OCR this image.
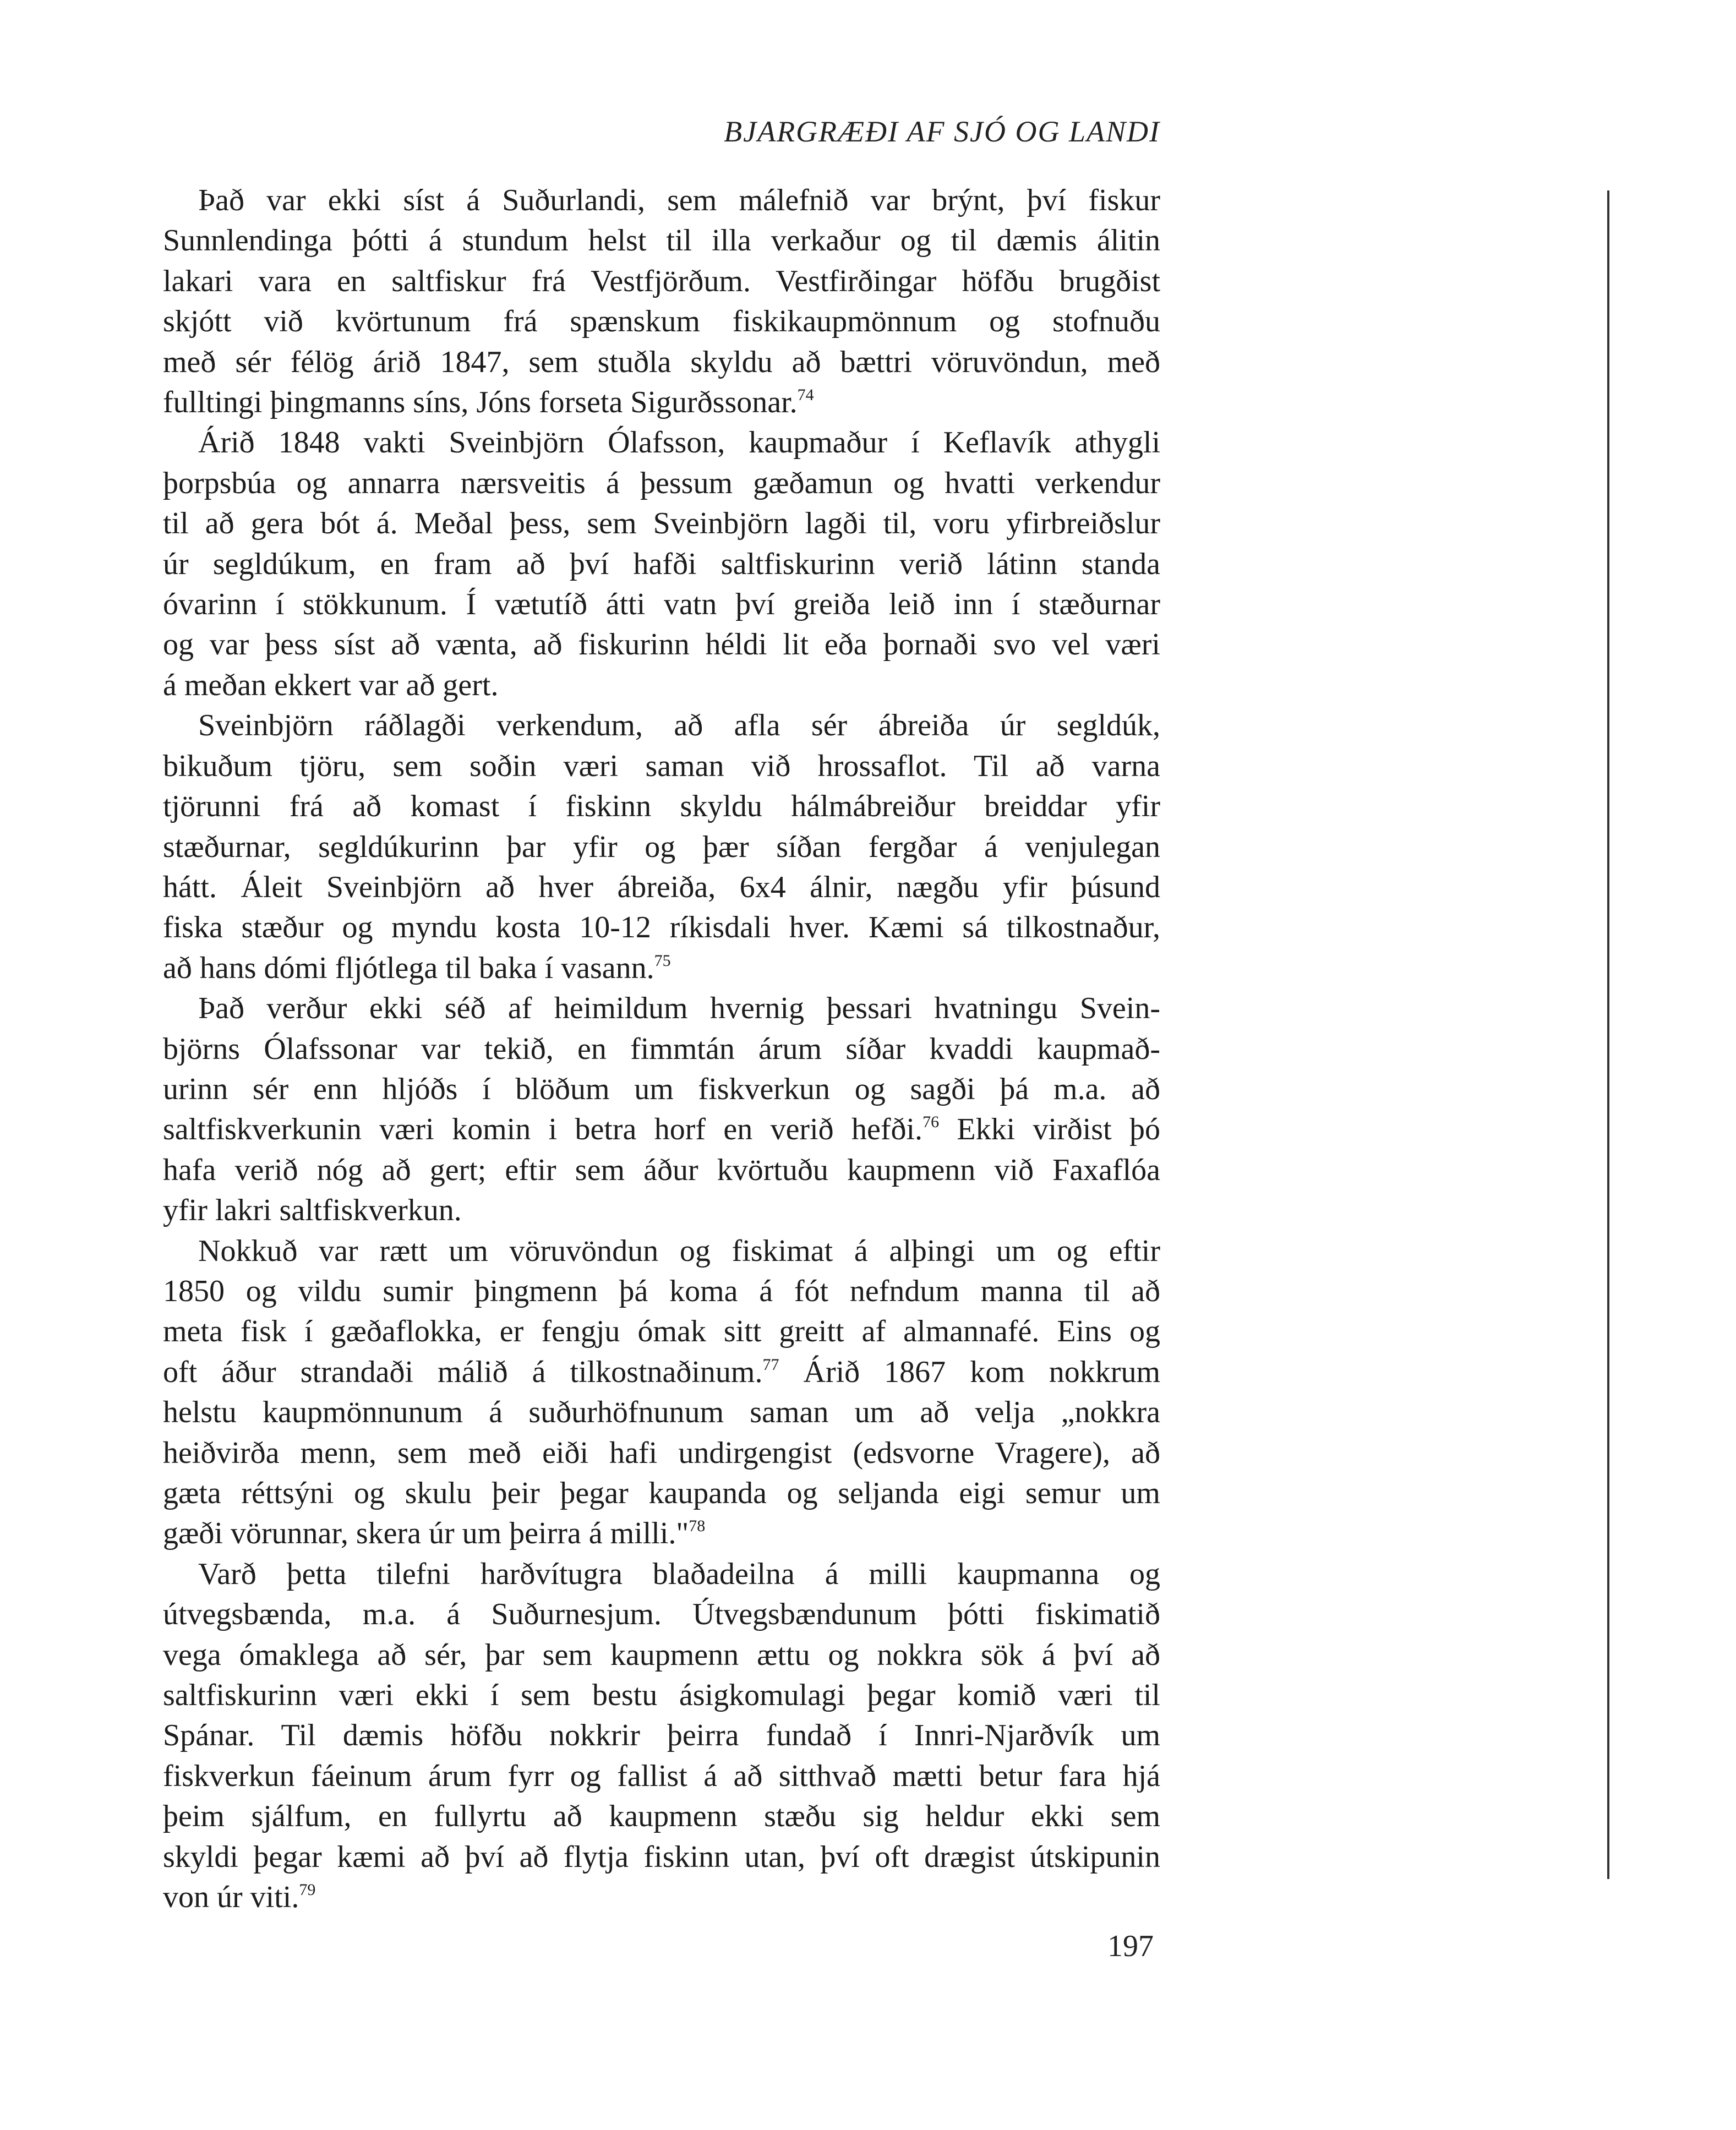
BJARGRÆÐI AF SJÓ OG LANDI

Það var ekki síst á Suðurlandi, sem málefnið var brýnt, því fiskur
Sunnlendinga þótti á stundum helst til illa verkaður og til dæmis álitin
lakari vara en saltfiskur frá Vestfjörðum. Vestfirðingar höfðu brugðist
skjótt við kvörtunum frá spænskum fiskikaupmönnum og stofnuðu
með sér félög árið 1847, sem stuðla skyldu að bættri vöruvöndun, með
fulltingi þingmanns síns, Jóns forseta Sigurðssonar.$^{74}$

Árið 1848 vakti Sveinbjörn Ólafsson, kaupmaður í Keflavík athygli
þorpsbúa og annarra nærsveitis á þessum gæðamun og hvatti verkendur
til að gera bót á. Meðal þess, sem Sveinbjörn lagði til, voru yfirbreiðslur
úr segldúkum, en fram að því hafði saltfiskurinn verið látinn standa
óvarinn í stökkunum. Í vætutíð átti vatn því greiða leið inn í stæðurnar
og var þess síst að vænta, að fiskurinn héldi lit eða þornaði svo vel væri
á meðan ekkert var að gert.

Sveinbjörn ráðlagði verkendum, að afla sér ábreiða úr segldúk,
bikuðum tjöru, sem soðin væri saman við hrossaflot. Til að varna
tjörunni frá að komast í fiskinn skyldu hálmábreiður breiddar yfir
stæðurnar, segldúkurinn þar yfir og þær síðan fergðar á venjulegan
hátt. Áleit Sveinbjörn að hver ábreiða, 6x4 álnir, nægðu yfir þúsund
fiska stæður og myndu kosta 10-12 ríkisdali hver. Kæmi sá tilkostnaður,
að hans dómi fljótlega til baka í vasann.$^{75}$

Það verður ekki séð af heimildum hvernig þessari hvatningu Svein-
björns Ólafssonar var tekið, en fimmtán árum síðar kvaddi kaupmað-
urinn sér enn hljóðs í blöðum um fiskverkun og sagði þá m.a. að
saltfiskverkunin væri komin i betra horf en verið hefði.$^{76}$ Ekki virðist þó
hafa verið nóg að gert; eftir sem áður kvörtuðu kaupmenn við Faxaflóa
yfir lakri saltfiskverkun.

Nokkuð var rætt um vöruvöndun og fiskimat á alþingi um og eftir
1850 og vildu sumir þingmenn þá koma á fót nefndum manna til að
meta fisk í gæðaflokka, er fengju ómak sitt greitt af almannafé. Eins og
oft áður strandaði málið á tilkostnaðinum.$^{77}$ Árið 1867 kom nokkrum
helstu kaupmönnunum á suðurhöfnunum saman um að velja „nokkra
heiðvirða menn, sem með eiði hafi undirgengist (edsvorne Vragere), að
gæta réttsýni og skulu þeir þegar kaupanda og seljanda eigi semur um
gæði vörunnar, skera úr um þeirra á milli."$^{78}$

Varð þetta tilefni harðvítugra blaðadeilna á milli kaupmanna og
útvegsbænda, m.a. á Suðurnesjum. Útvegsbændunum þótti fiskimatið
vega ómaklega að sér, þar sem kaupmenn ættu og nokkra sök á því að
saltfiskurinn væri ekki í sem bestu ásigkomulagi þegar komið væri til
Spánar. Til dæmis höfðu nokkrir þeirra fundað í Innri-Njarðvík um
fiskverkun fáeinum árum fyrr og fallist á að sitthvað mætti betur fara hjá
þeim sjálfum, en fullyrtu að kaupmenn stæðu sig heldur ekki sem
skyldi þegar kæmi að því að flytja fiskinn utan, því oft drægist útskipunin
von úr viti.$^{79}$

197
